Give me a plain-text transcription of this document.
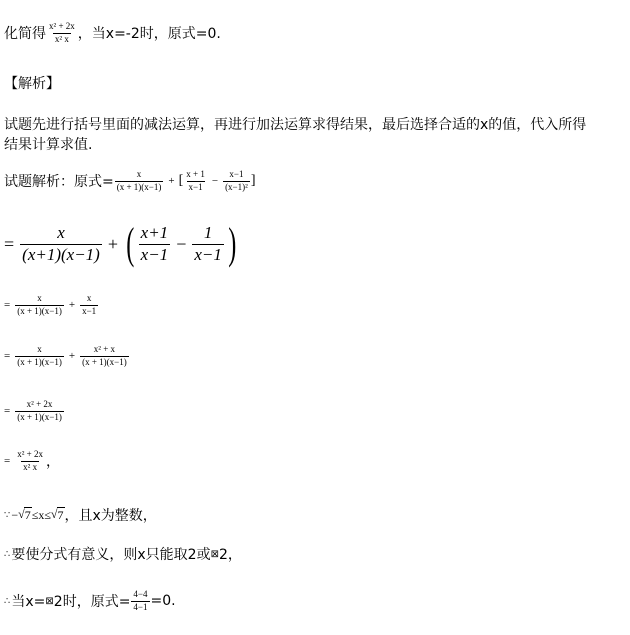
化简得 $\frac{\text{x² + 2x}}{\text{x² x}}$ ，当x=-2时，原式=0.
【解析】
试题先进行括号里面的减法运算，再进行加法运算求得结果，最后选择合适的x的值，代入所得
结果计算求值.
试题解析：原式= $\frac{x}{(x + 1)(x-1)}$ + [ $\frac{x + 1}{x-1} - \frac{x-1}{\text{(x−1)²}}$ ]
= $\frac{x}{(x+1)(x-1)}$ + ( $\frac{x+1}{x-1} - \frac{1}{x-1}$ )
= $\frac{x}{(x + 1)(x-1)} + \frac{x}{x-1}$
= $\frac{x}{(x + 1)(x-1)} + \frac{\text{x² + x}}{(x + 1)(x-1)}$
= $\frac{\text{x² + 2x}}{(x + 1)(x-1)}$
= $\frac{\text{x² + 2x}}{\text{x² x}}$ ，
∵ − √ 7 ≤x≤ √ 7 ，且x为整数，
∴ 要使分式有意义，则x只能取2或 ⊠ 2，
∴ 当x= ⊠ 2时，原式= $\frac{4-4}{4-1} =0$.
